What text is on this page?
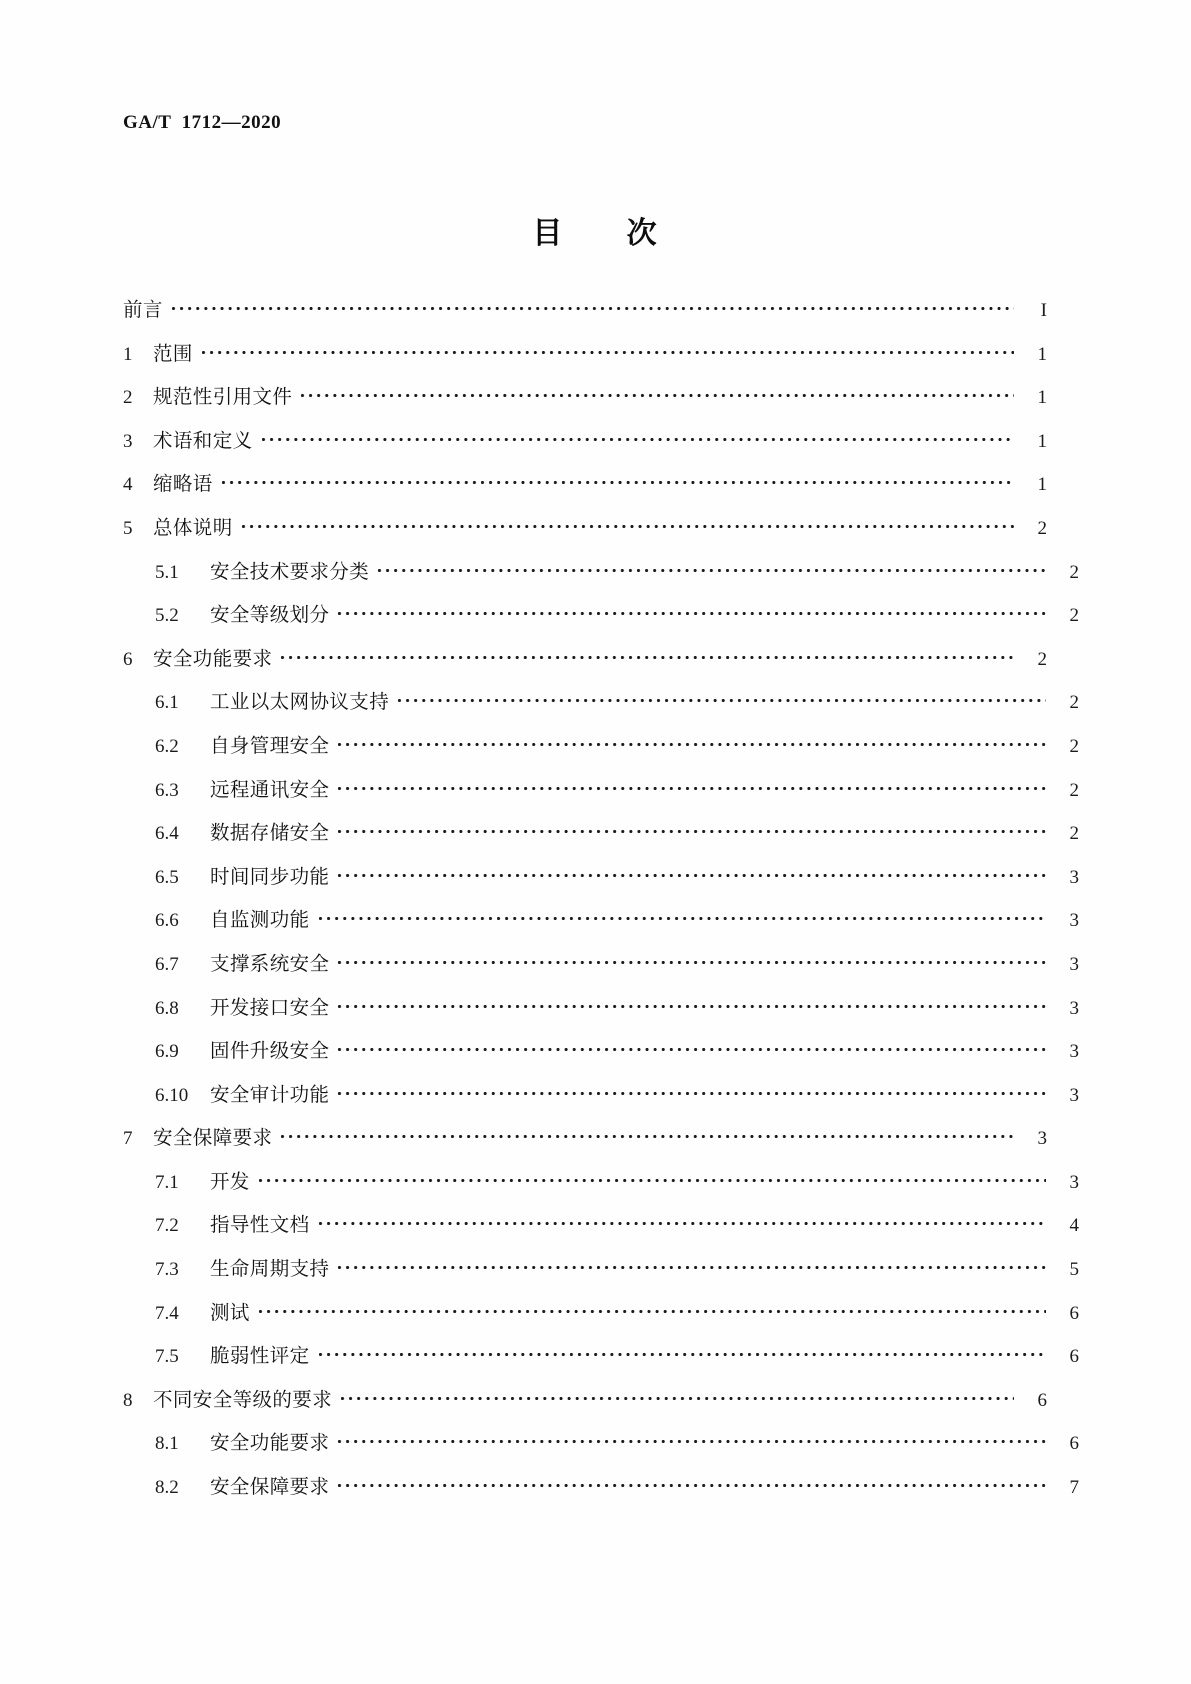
GA/T  1712—2020
目     次
前言	I
1	范围	1
2	规范性引用文件	1
3	术语和定义	1
4	缩略语	1
5	总体说明	2
5.1	安全技术要求分类	2
5.2	安全等级划分	2
6	安全功能要求	2
6.1	工业以太网协议支持	2
6.2	自身管理安全	2
6.3	远程通讯安全	2
6.4	数据存储安全	2
6.5	时间同步功能	3
6.6	自监测功能	3
6.7	支撑系统安全	3
6.8	开发接口安全	3
6.9	固件升级安全	3
6.10	安全审计功能	3
7	安全保障要求	3
7.1	开发	3
7.2	指导性文档	4
7.3	生命周期支持	5
7.4	测试	6
7.5	脆弱性评定	6
8	不同安全等级的要求	6
8.1	安全功能要求	6
8.2	安全保障要求	7
